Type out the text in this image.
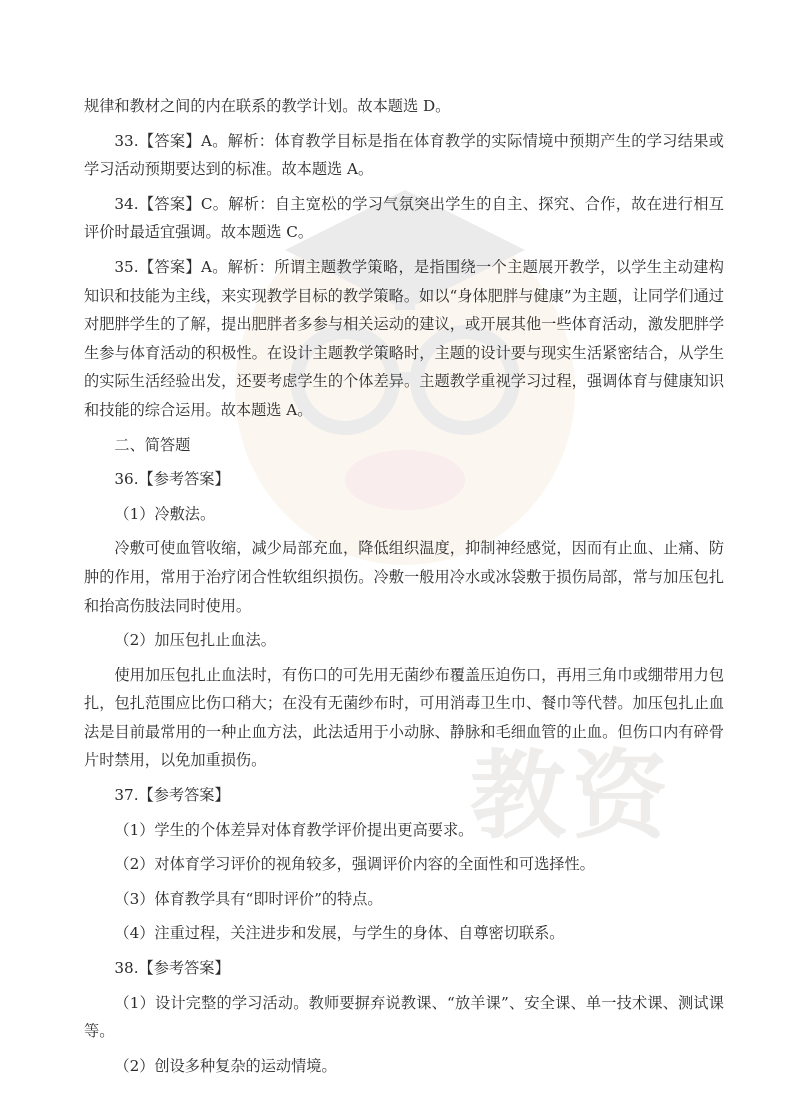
教资

规律和教材之间的内在联系的教学计划。故本题选 D。

33.【答案】A。解析：体育教学目标是指在体育教学的实际情境中预期产生的学习结果或学习活动预期要达到的标准。故本题选 A。

34.【答案】C。解析：自主宽松的学习气氛突出学生的自主、探究、合作，故在进行相互评价时最适宜强调。故本题选 C。

35.【答案】A。解析：所谓主题教学策略，是指围绕一个主题展开教学，以学生主动建构知识和技能为主线，来实现教学目标的教学策略。如以“身体肥胖与健康”为主题，让同学们通过对肥胖学生的了解，提出肥胖者多参与相关运动的建议，或开展其他一些体育活动，激发肥胖学生参与体育活动的积极性。在设计主题教学策略时，主题的设计要与现实生活紧密结合，从学生的实际生活经验出发，还要考虑学生的个体差异。主题教学重视学习过程，强调体育与健康知识和技能的综合运用。故本题选 A。

二、简答题

36.【参考答案】

（1）冷敷法。

冷敷可使血管收缩，减少局部充血，降低组织温度，抑制神经感觉，因而有止血、止痛、防肿的作用，常用于治疗闭合性软组织损伤。冷敷一般用冷水或冰袋敷于损伤局部，常与加压包扎和抬高伤肢法同时使用。

（2）加压包扎止血法。

使用加压包扎止血法时，有伤口的可先用无菌纱布覆盖压迫伤口，再用三角巾或绷带用力包扎，包扎范围应比伤口稍大；在没有无菌纱布时，可用消毒卫生巾、餐巾等代替。加压包扎止血法是目前最常用的一种止血方法，此法适用于小动脉、静脉和毛细血管的止血。但伤口内有碎骨片时禁用，以免加重损伤。

37.【参考答案】

（1）学生的个体差异对体育教学评价提出更高要求。

（2）对体育学习评价的视角较多，强调评价内容的全面性和可选择性。

（3）体育教学具有“即时评价”的特点。

（4）注重过程，关注进步和发展，与学生的身体、自尊密切联系。

38.【参考答案】

（1）设计完整的学习活动。教师要摒弃说教课、“放羊课”、安全课、单一技术课、测试课等。

（2）创设多种复杂的运动情境。
